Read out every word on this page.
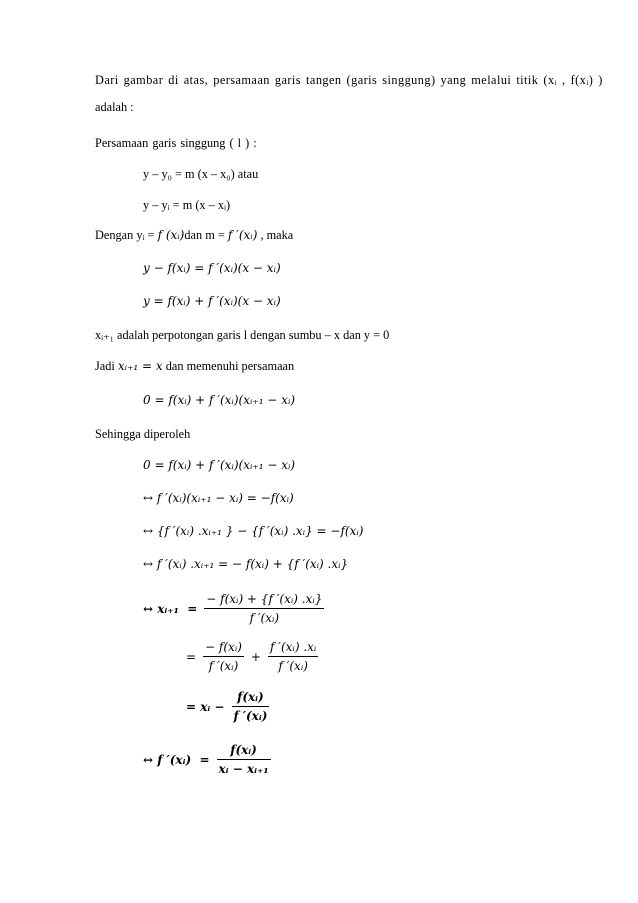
Dari gambar di atas, persamaan garis tangen (garis singgung) yang melalui titik (xᵢ , f(xᵢ) )
adalah :
Persamaan garis singgung ( l ) :
y – y₀ = m (x – x₀) atau
y – yᵢ = m (x – xᵢ)
Dengan yᵢ = f (xᵢ)dan m = f ′(xᵢ) , maka
y − f(xᵢ) = f ′(xᵢ)(x − xᵢ)
y = f(xᵢ) + f ′(xᵢ)(x − xᵢ)
xᵢ₊₁ adalah perpotongan garis l dengan sumbu – x dan y = 0
Jadi xᵢ₊₁ = x dan memenuhi persamaan
0 = f(xᵢ) + f ′(xᵢ)(xᵢ₊₁ − xᵢ)
Sehingga diperoleh
0 = f(xᵢ) + f ′(xᵢ)(xᵢ₊₁ − xᵢ)
↔ f ′(xᵢ)(xᵢ₊₁ − xᵢ) = −f(xᵢ)
↔ {f ′(xᵢ) .xᵢ₊₁ } − {f ′(xᵢ) .xᵢ} = −f(xᵢ)
↔ f ′(xᵢ) .xᵢ₊₁ = − f(xᵢ) + {f ′(xᵢ) .xᵢ}
↔ xᵢ₊₁  = $\frac{\text{− f(xᵢ) + \{f ′(xᵢ) .xᵢ\}}}{\text{f ′(xᵢ)}}$
= $\frac{\text{− f(xᵢ)}}{\text{f ′(xᵢ)}} + \frac{\text{f ′(xᵢ) .xᵢ}}{\text{f ′(xᵢ)}}$
= xᵢ − $\frac{\text{f(xᵢ)}}{\text{f ′(xᵢ)}}$
↔ f ′(xᵢ)  = $\frac{\text{f(xᵢ)}}{\text{xᵢ − xᵢ₊₁}}$
